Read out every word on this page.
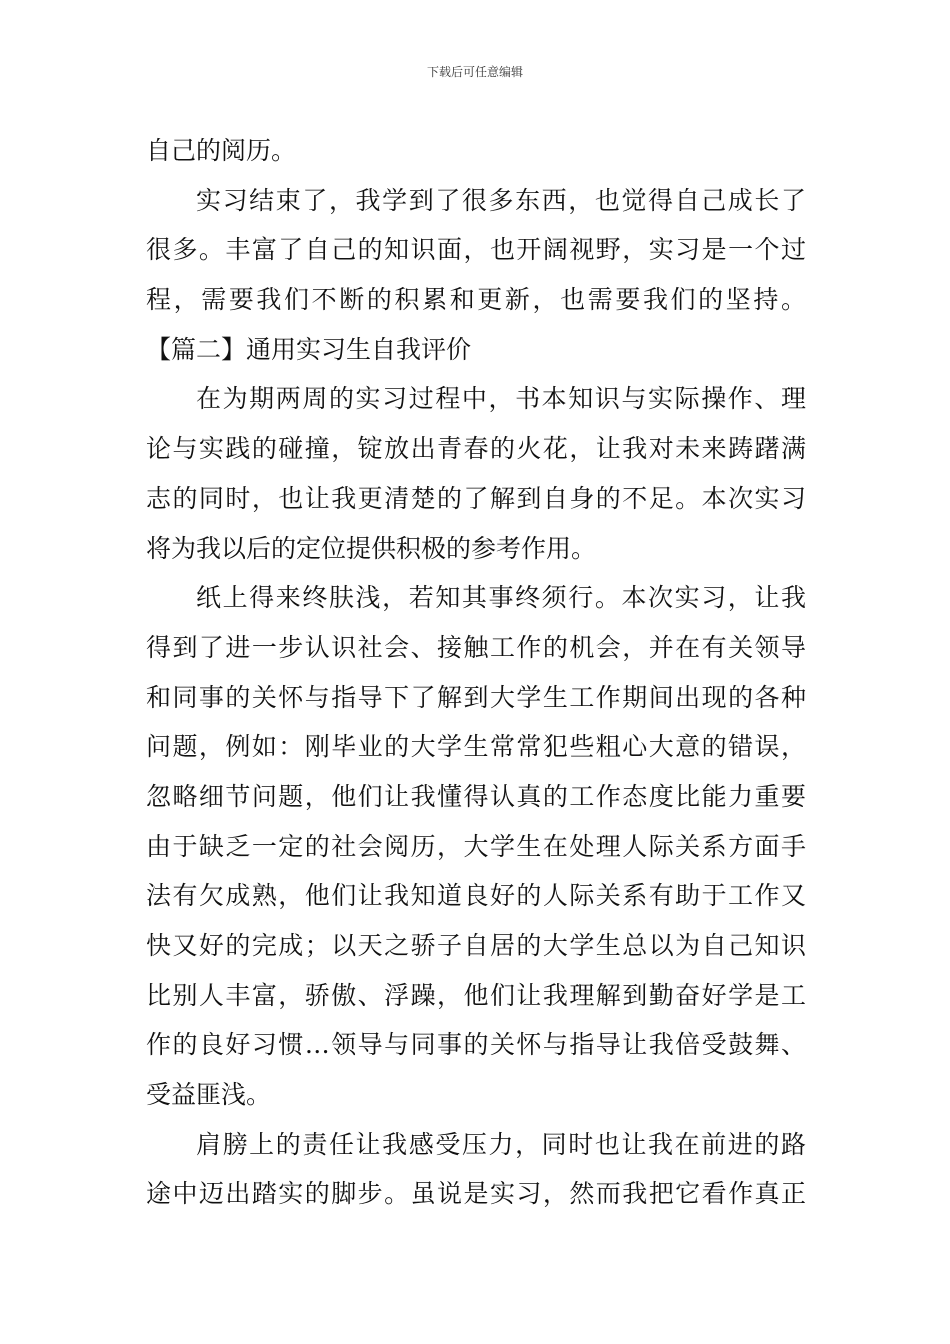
下载后可任意编辑
自己的阅历。
实习结束了，我学到了很多东西，也觉得自己成长了
很多。丰富了自己的知识面，也开阔视野，实习是一个过
程，需要我们不断的积累和更新，也需要我们的坚持。
【篇二】通用实习生自我评价
在为期两周的实习过程中，书本知识与实际操作、理
论与实践的碰撞，锭放出青春的火花，让我对未来踌躇满
志的同时，也让我更清楚的了解到自身的不足。本次实习
将为我以后的定位提供积极的参考作用。
纸上得来终肤浅，若知其事终须行。本次实习，让我
得到了进一步认识社会、接触工作的机会，并在有关领导
和同事的关怀与指导下了解到大学生工作期间出现的各种
问题，例如：刚毕业的大学生常常犯些粗心大意的错误，
忽略细节问题，他们让我懂得认真的工作态度比能力重要
由于缺乏一定的社会阅历，大学生在处理人际关系方面手
法有欠成熟，他们让我知道良好的人际关系有助于工作又
快又好的完成；以天之骄子自居的大学生总以为自己知识
比别人丰富，骄傲、浮躁，他们让我理解到勤奋好学是工
作的良好习惯…领导与同事的关怀与指导让我倍受鼓舞、
受益匪浅。
肩膀上的责任让我感受压力，同时也让我在前进的路
途中迈出踏实的脚步。虽说是实习，然而我把它看作真正
